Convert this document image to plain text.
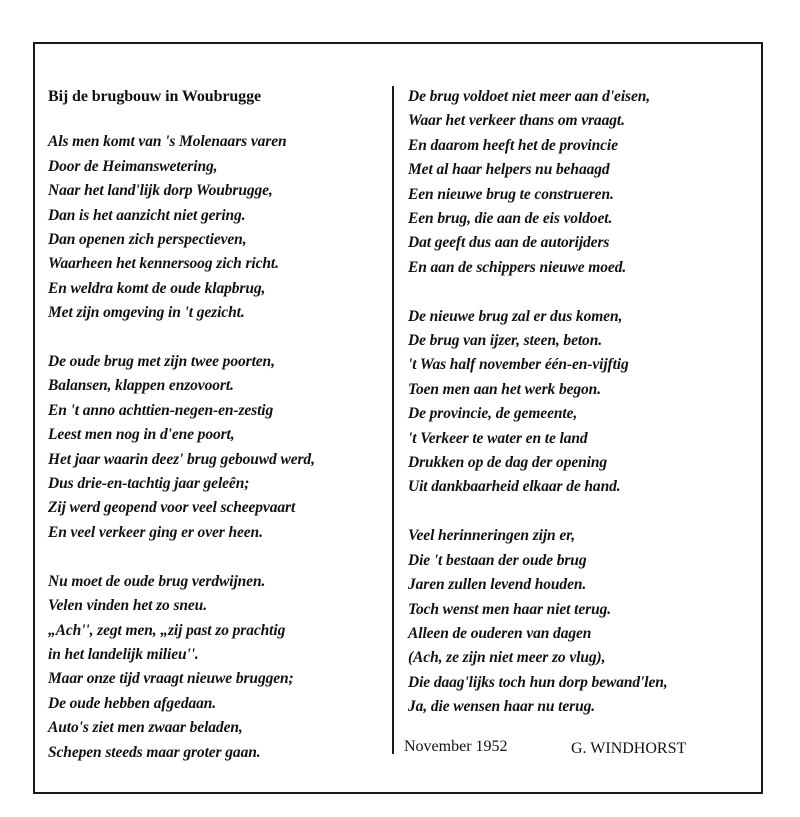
Bij de brugbouw in Woubrugge
Als men komt van 's Molenaars varen
Door de Heimanswetering,
Naar het land'lijk dorp Woubrugge,
Dan is het aanzicht niet gering.
Dan openen zich perspectieven,
Waarheen het kennersoog zich richt.
En weldra komt de oude klapbrug,
Met zijn omgeving in 't gezicht.
De oude brug met zijn twee poorten,
Balansen, klappen enzovoort.
En 't anno achttien-negen-en-zestig
Leest men nog in d'ene poort,
Het jaar waarin deez' brug gebouwd werd,
Dus drie-en-tachtig jaar geleên;
Zij werd geopend voor veel scheepvaart
En veel verkeer ging er over heen.
Nu moet de oude brug verdwijnen.
Velen vinden het zo sneu.
„Ach'', zegt men, „zij past zo prachtig
in het landelijk milieu''.
Maar onze tijd vraagt nieuwe bruggen;
De oude hebben afgedaan.
Auto's ziet men zwaar beladen,
Schepen steeds maar groter gaan.
De brug voldoet niet meer aan d'eisen,
Waar het verkeer thans om vraagt.
En daarom heeft het de provincie
Met al haar helpers nu behaagd
Een nieuwe brug te construeren.
Een brug, die aan de eis voldoet.
Dat geeft dus aan de autorijders
En aan de schippers nieuwe moed.
De nieuwe brug zal er dus komen,
De brug van ijzer, steen, beton.
't Was half november één-en-vijftig
Toen men aan het werk begon.
De provincie, de gemeente,
't Verkeer te water en te land
Drukken op de dag der opening
Uit dankbaarheid elkaar de hand.
Veel herinneringen zijn er,
Die 't bestaan der oude brug
Jaren zullen levend houden.
Toch wenst men haar niet terug.
Alleen de ouderen van dagen
(Ach, ze zijn niet meer zo vlug),
Die daag'lijks toch hun dorp bewand'len,
Ja, die wensen haar nu terug.
November 1952	G. WINDHORST
